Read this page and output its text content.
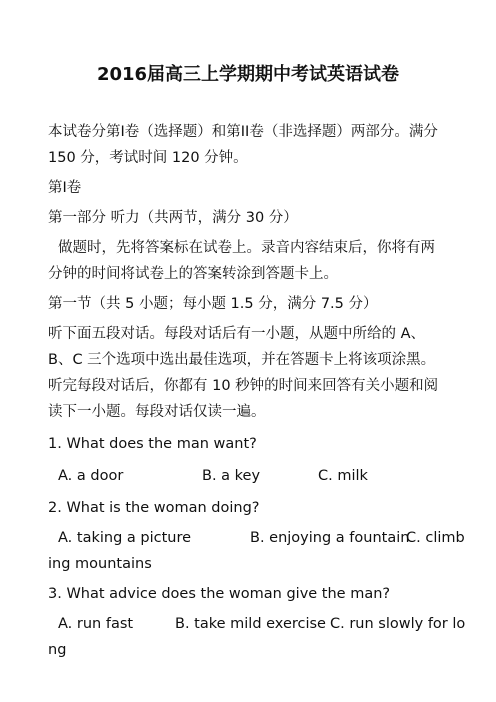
2016届高三上学期期中考试英语试卷
本试卷分第I卷（选择题）和第II卷（非选择题）两部分。满分
150 分，考试时间 120 分钟。
第I卷
第一部分 听力（共两节，满分 30 分）
做题时，先将答案标在试卷上。录音内容结束后，你将有两
分钟的时间将试卷上的答案转涂到答题卡上。
第一节（共 5 小题；每小题 1.5 分，满分 7.5 分）
听下面五段对话。每段对话后有一小题，从题中所给的 A、
B、C 三个选项中选出最佳选项，并在答题卡上将该项涂黑。
听完每段对话后，你都有 10 秒钟的时间来回答有关小题和阅
读下一小题。每段对话仅读一遍。
1. What does the man want?
A. a door	B. a key	C. milk
2. What is the woman doing?
A. taking a picture	B. enjoying a fountain
C. climb
ing mountains
3. What advice does the woman give the man?
A. run fast	B. take mild exercise C. run slowly for lo
ng
